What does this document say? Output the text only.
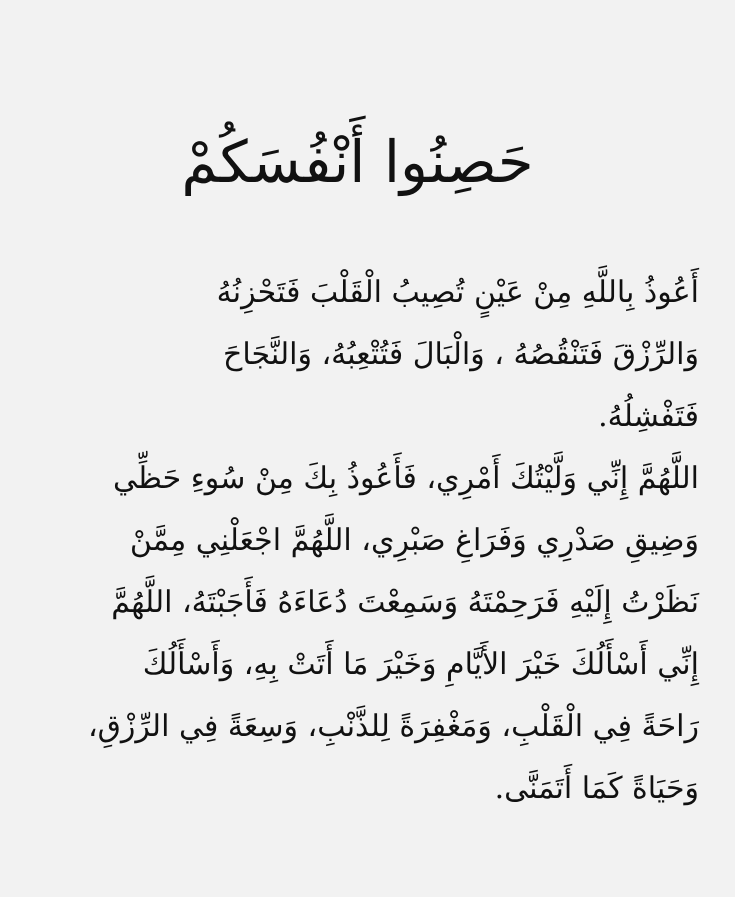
حَصِنُوا أَنْفُسَكُمْ
أَعُوذُ بِاللَّهِ مِنْ عَيْنٍ تُصِيبُ الْقَلْبَ فَتَحْزِنُهُ
وَالرِّزْقَ فَتَنْقُصُهُ ، وَالْبَالَ فَتُتْعِبُهُ، وَالنَّجَاحَ
فَتَفْشِلُهُ.
اللَّهُمَّ إِنِّي وَلَّيْتُكَ أَمْرِي، فَأَعُوذُ بِكَ مِنْ سُوءِ حَظِّي
وَضِيقِ صَدْرِي وَفَرَاغِ صَبْرِي، اللَّهُمَّ اجْعَلْنِي مِمَّنْ
نَظَرْتُ إِلَيْهِ فَرَحِمْتَهُ وَسَمِعْتَ دُعَاءَهُ فَأَجَبْتَهُ، اللَّهُمَّ
إِنِّي أَسْأَلُكَ خَيْرَ الأَيَّامِ وَخَيْرَ مَا أَتَتْ بِهِ، وَأَسْأَلُكَ
رَاحَةً فِي الْقَلْبِ، وَمَغْفِرَةً لِلذَّنْبِ، وَسِعَةً فِي الرِّزْقِ،
وَحَيَاةً كَمَا أَتَمَنَّى.
